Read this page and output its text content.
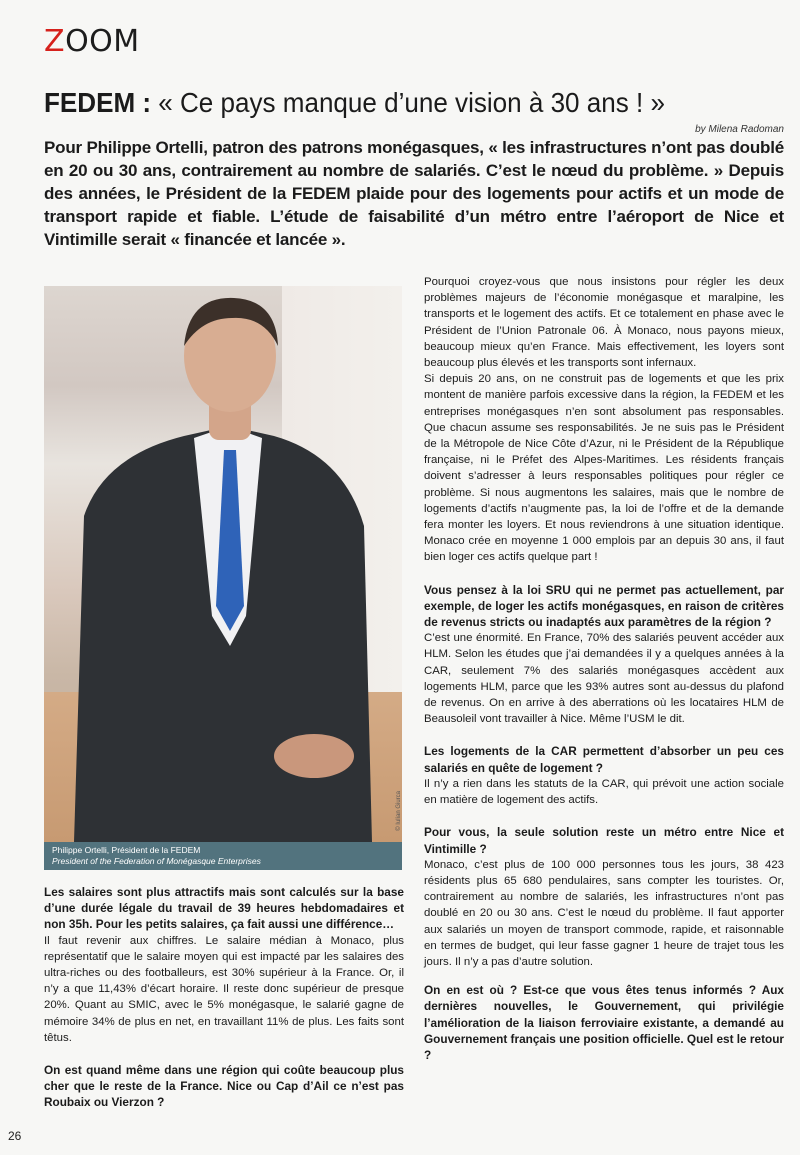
ZOOM
FEDEM : « Ce pays manque d’une vision à 30 ans ! »
by Milena Radoman

Pour Philippe Ortelli, patron des patrons monégasques, « les infrastructures n’ont pas doublé en 20 ou 30 ans, contrairement au nombre de salariés. C’est le nœud du problème. » Depuis des années, le Président de la FEDEM plaide pour des logements pour actifs et un mode de transport rapide et fiable. L’étude de faisabilité d’un métro entre l’aéroport de Nice et Vintimille serait « financée et lancée ».

© Iulian Giurca
Philippe Ortelli, Président de la FEDEM
President of the Federation of Monégasque Enterprises

Les salaires sont plus attractifs mais sont calculés sur la base d’une durée légale du travail de 39 heures hebdomadaires et non 35h. Pour les petits salaires, ça fait aussi une différence…

Il faut revenir aux chiffres. Le salaire médian à Monaco, plus représentatif que le salaire moyen qui est impacté par les salaires des ultra-riches ou des footballeurs, est 30% supérieur à la France. Or, il n’y a que 11,43% d’écart horaire. Il reste donc supérieur de presque 20%. Quant au SMIC, avec le 5% monégasque, le salarié gagne de mémoire 34% de plus en net, en travaillant 11% de plus. Les faits sont têtus.

On est quand même dans une région qui coûte beaucoup plus cher que le reste de la France. Nice ou Cap d’Ail ce n’est pas Roubaix ou Vierzon ?

Pourquoi croyez-vous que nous insistons pour régler les deux problèmes majeurs de l’économie monégasque et maralpine, les transports et le logement des actifs. Et ce totalement en phase avec le Président de l’Union Patronale 06. À Monaco, nous payons mieux, beaucoup mieux qu’en France. Mais effectivement, les loyers sont beaucoup plus élevés et les transports sont infernaux.

Si depuis 20 ans, on ne construit pas de logements et que les prix montent de manière parfois excessive dans la région, la FEDEM et les entreprises monégasques n’en sont absolument pas responsables. Que chacun assume ses responsabilités. Je ne suis pas le Président de la Métropole de Nice Côte d’Azur, ni le Président de la République française, ni le Préfet des Alpes-Maritimes. Les résidents français doivent s’adresser à leurs responsables politiques pour régler ce problème. Si nous augmentons les salaires, mais que le nombre de logements d’actifs n’augmente pas, la loi de l’offre et de la demande fera monter les loyers. Et nous reviendrons à une situation identique. Monaco crée en moyenne 1 000 emplois par an depuis 30 ans, il faut bien loger ces actifs quelque part !

Vous pensez à la loi SRU qui ne permet pas actuellement, par exemple, de loger les actifs monégasques, en raison de critères de revenus stricts ou inadaptés aux paramètres de la région ?

C’est une énormité. En France, 70% des salariés peuvent accéder aux HLM. Selon les études que j’ai demandées il y a quelques années à la CAR, seulement 7% des salariés monégasques accèdent aux logements HLM, parce que les 93% autres sont au-dessus du plafond de revenus. On en arrive à des aberrations où les locataires HLM de Beausoleil vont travailler à Nice. Même l’USM le dit.

Les logements de la CAR permettent d’absorber un peu ces salariés en quête de logement ?

Il n’y a rien dans les statuts de la CAR, qui prévoit une action sociale en matière de logement des actifs.

Pour vous, la seule solution reste un métro entre Nice et Vintimille ?

Monaco, c’est plus de 100 000 personnes tous les jours, 38 423 résidents plus 65 680 pendulaires, sans compter les touristes. Or, contrairement au nombre de salariés, les infrastructures n’ont pas doublé en 20 ou 30 ans. C’est le nœud du problème. Il faut apporter aux salariés un moyen de transport commode, rapide, et raisonnable en termes de budget, qui leur fasse gagner 1 heure de trajet tous les jours. Il n’y a pas d’autre solution.

On en est où ? Est-ce que vous êtes tenus informés ? Aux dernières nouvelles, le Gouvernement, qui privilégie l’amélioration de la liaison ferroviaire existante, a demandé au Gouvernement français une position officielle. Quel est le retour ?

26
